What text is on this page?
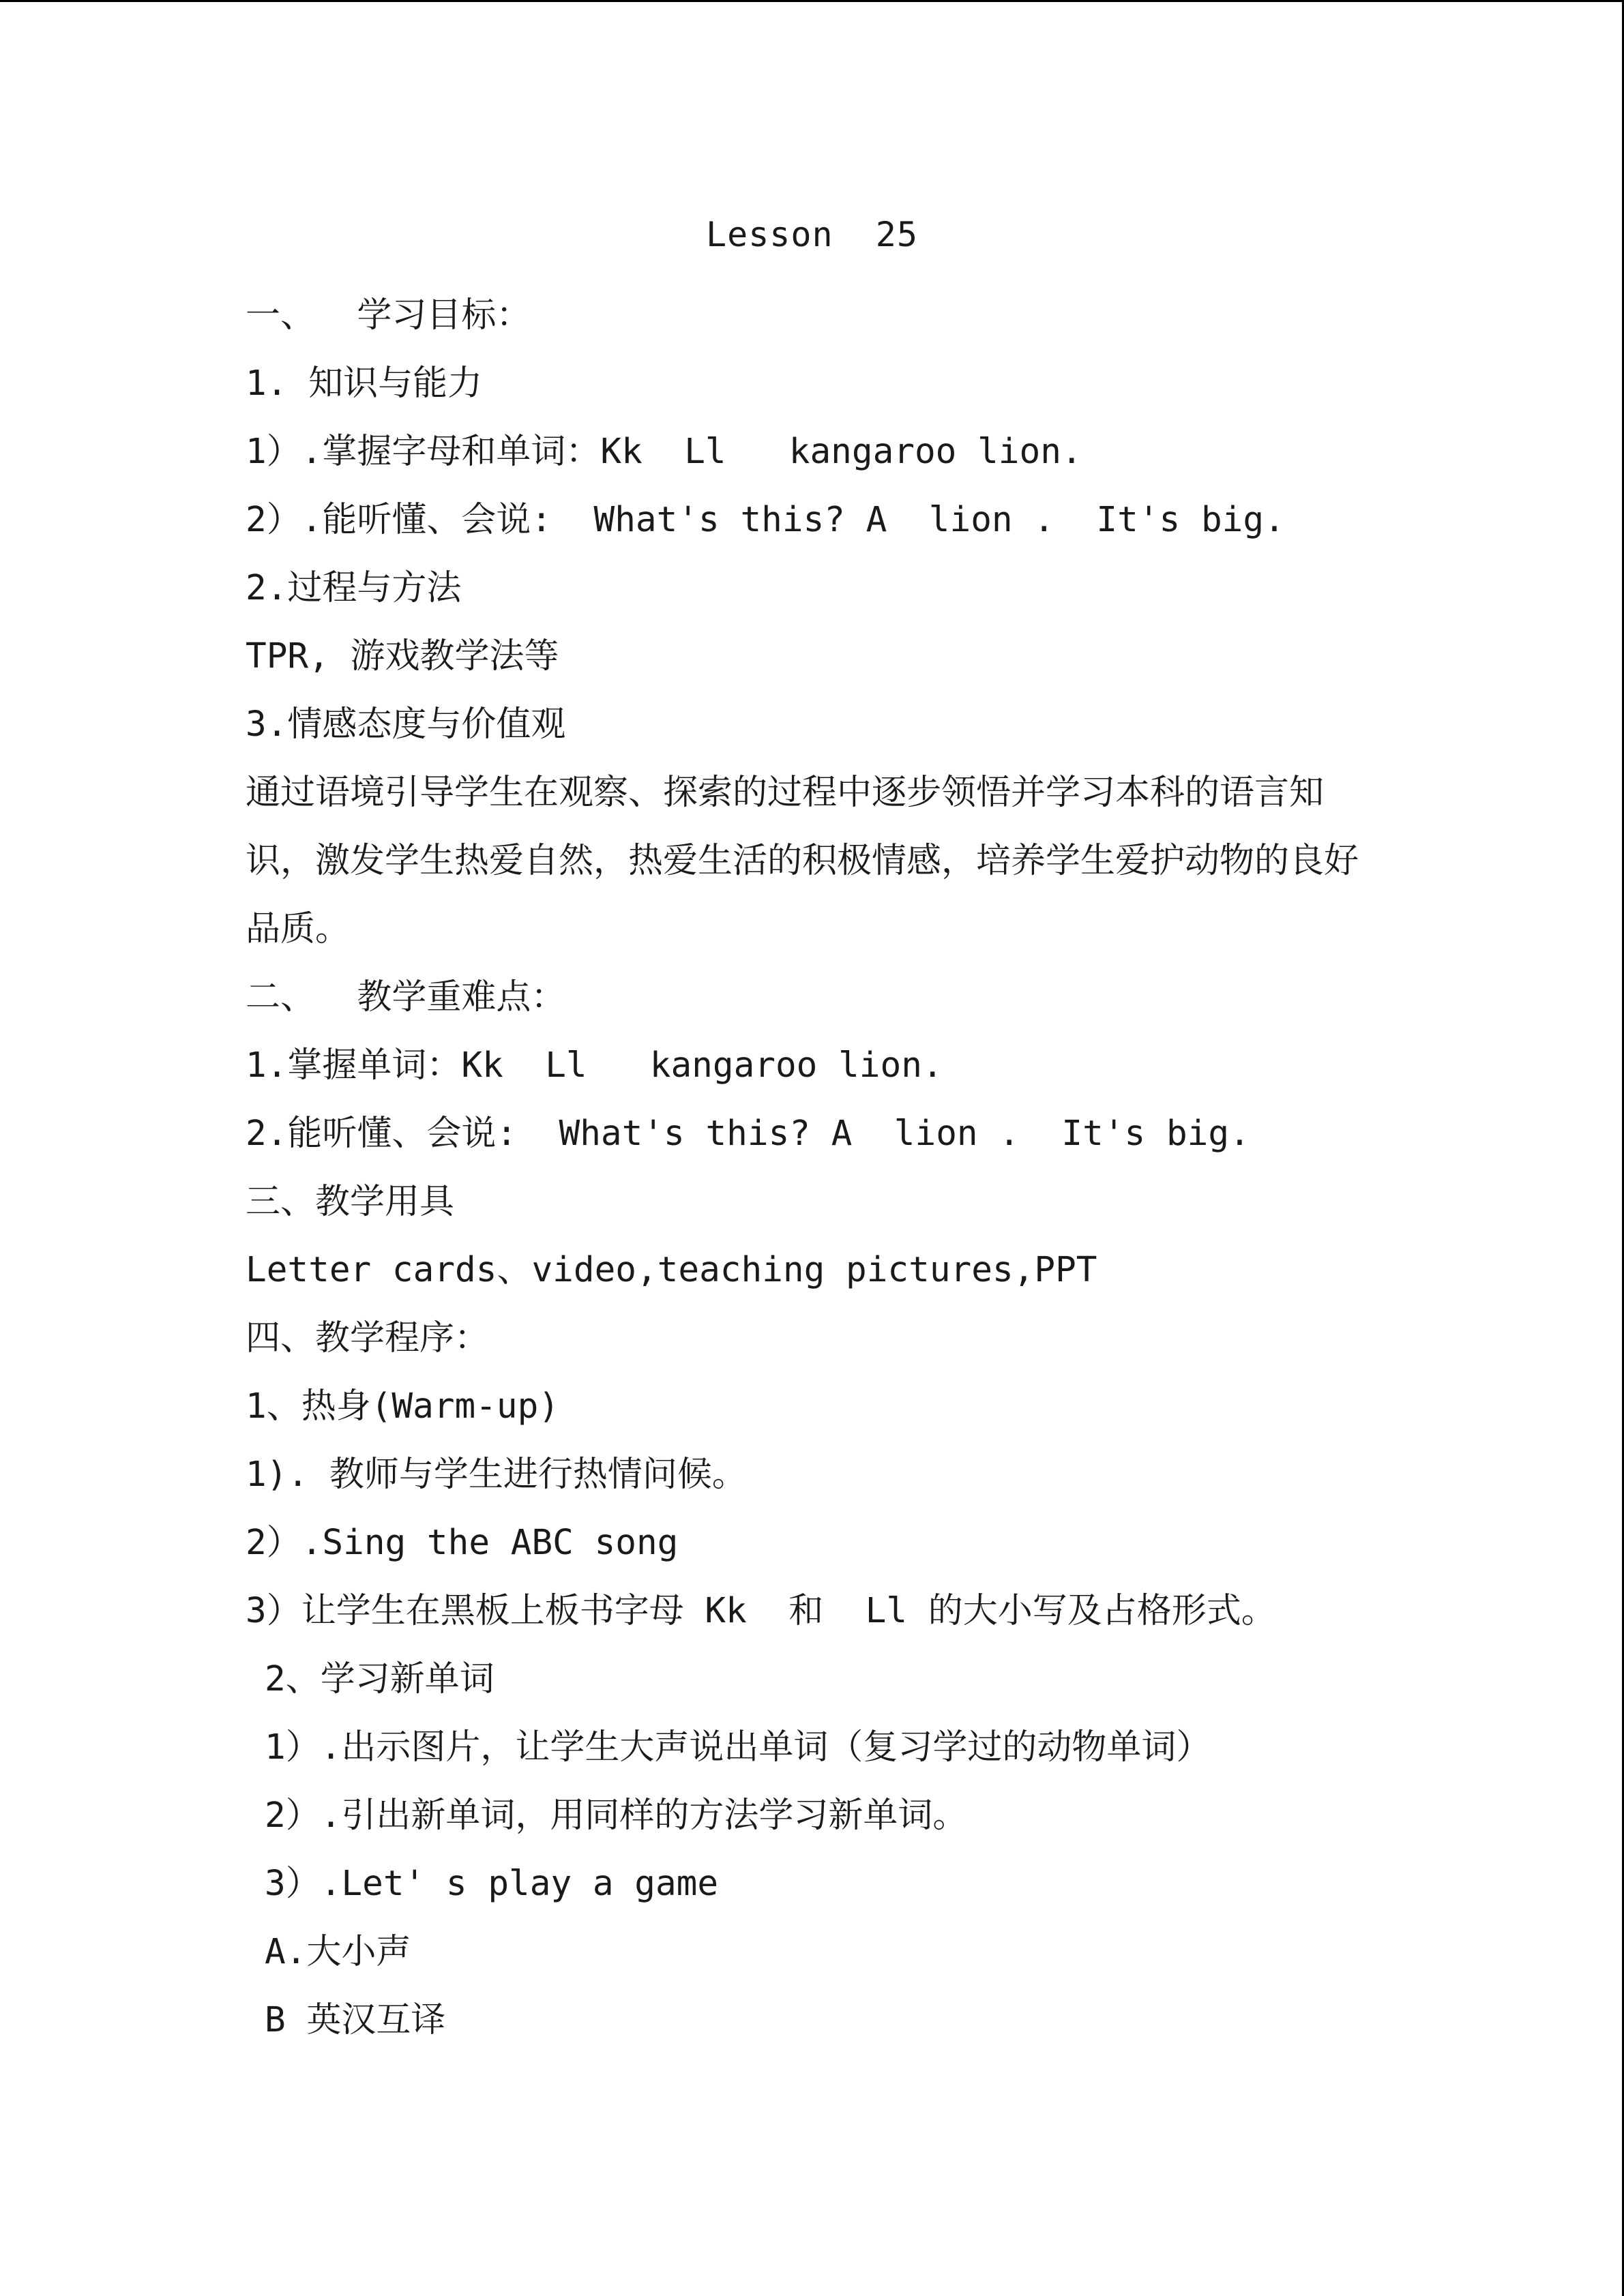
Lesson  25
一、  学习目标：
1. 知识与能力
1）.掌握字母和单词：Kk  Ll   kangaroo lion.
2）.能听懂、会说:  What's this? A  lion .  It's big.
2.过程与方法
TPR, 游戏教学法等
3.情感态度与价值观
通过语境引导学生在观察、探索的过程中逐步领悟并学习本科的语言知识，激发学生热爱自然，热爱生活的积极情感，培养学生爱护动物的良好品质。
二、  教学重难点：
1.掌握单词：Kk  Ll   kangaroo lion.
2.能听懂、会说:  What's this? A  lion .  It's big.
三、教学用具
Letter cards、video,teaching pictures,PPT
四、教学程序：
1、热身(Warm-up)
1). 教师与学生进行热情问候。
2）.Sing the ABC song
3）让学生在黑板上板书字母 Kk  和  Ll 的大小写及占格形式。
2、学习新单词
1）.出示图片，让学生大声说出单词（复习学过的动物单词）
2）.引出新单词，用同样的方法学习新单词。
3）.Let' s play a game
A.大小声
B 英汉互译
